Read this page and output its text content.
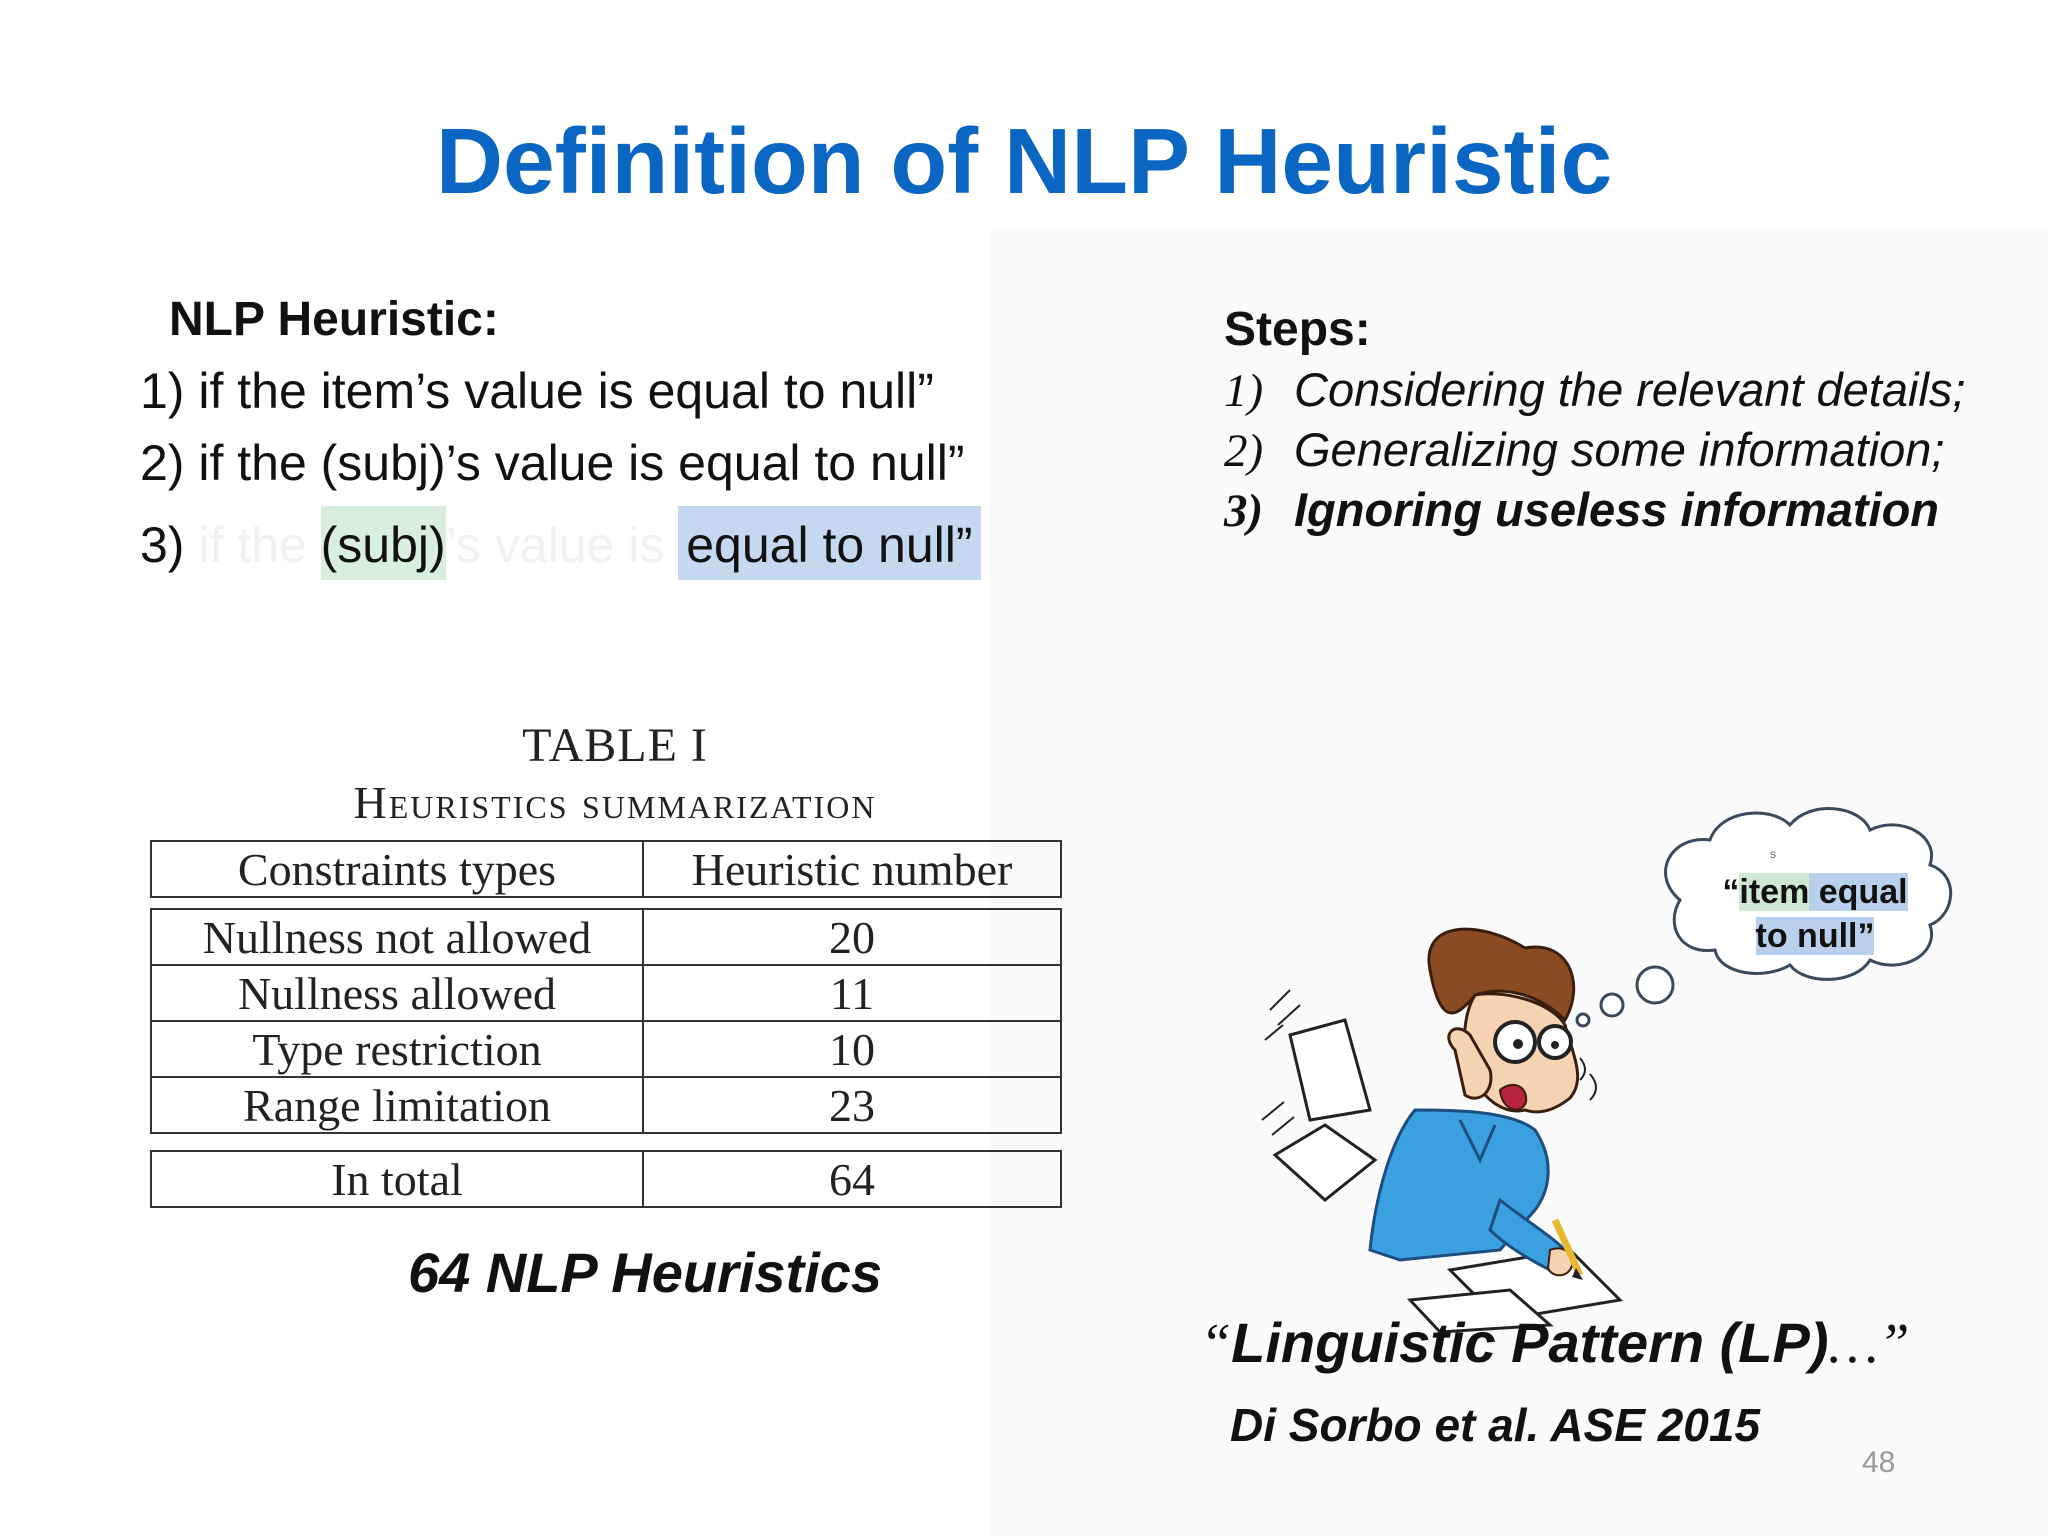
Definition of NLP Heuristic
NLP Heuristic:
1) if the item’s value is equal to null”
2) if the (subj)’s value is equal to null”
3) if the (subj)’s value is equal to null”
Steps:
1) Considering the relevant details;
2) Generalizing some information;
3) Ignoring useless information
TABLE I
Heuristics summarization
Constraints types	Heuristic number
Nullness not allowed	20
Nullness allowed	11
Type restriction	10
Range limitation	23
In total	64
64 NLP Heuristics
s
“item equal
to null”
“Linguistic Pattern (LP)…”
Di Sorbo et al. ASE 2015
48
